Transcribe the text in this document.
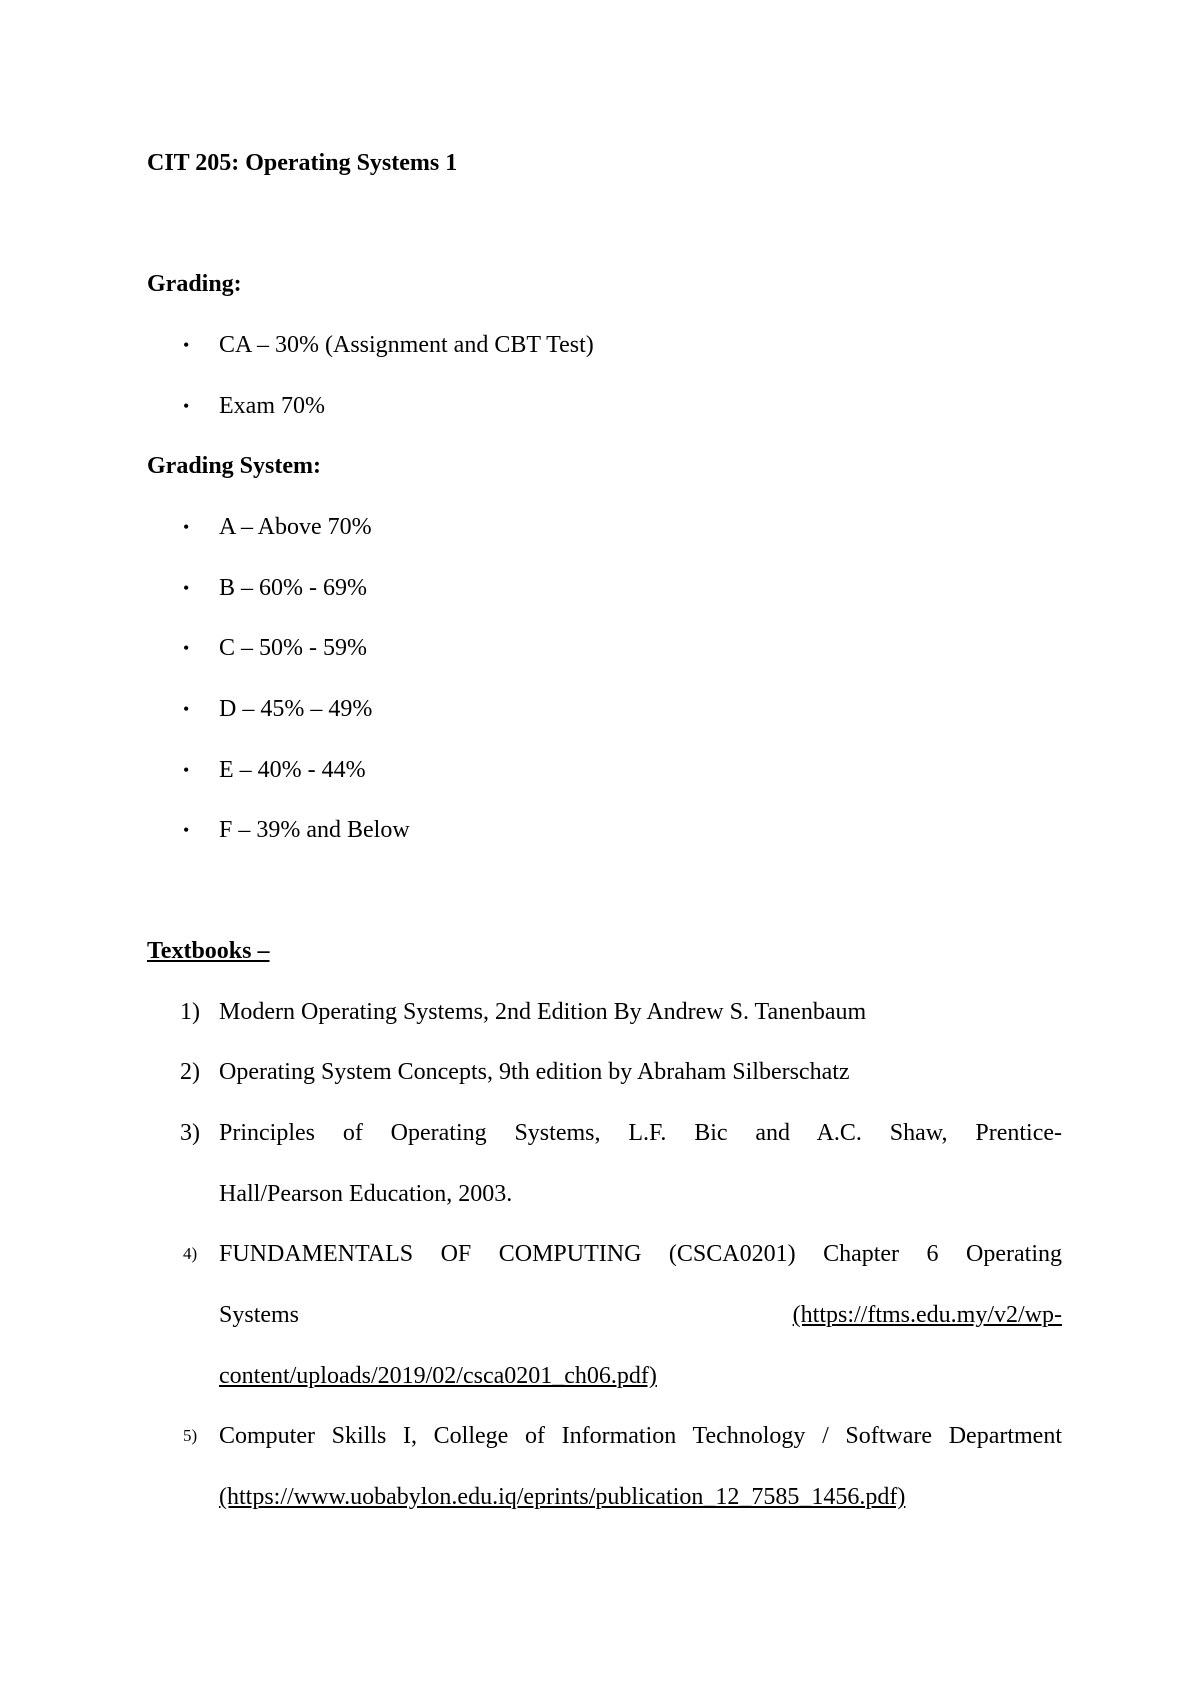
CIT 205: Operating Systems 1
Grading:
• CA – 30% (Assignment and CBT Test)
• Exam 70%
Grading System:
• A – Above 70%
• B – 60% - 69%
• C – 50% - 59%
• D – 45% – 49%
• E – 40% - 44%
• F – 39% and Below
Textbooks –
1) Modern Operating Systems, 2nd Edition By Andrew S. Tanenbaum
2) Operating System Concepts, 9th edition by Abraham Silberschatz
3) Principles of Operating Systems, L.F. Bic and A.C. Shaw, Prentice-
Hall/Pearson Education, 2003.
4) FUNDAMENTALS OF COMPUTING (CSCA0201) Chapter 6 Operating
Systems	(https://ftms.edu.my/v2/wp-
content/uploads/2019/02/csca0201_ch06.pdf)
5) Computer Skills I, College of Information Technology / Software Department
(https://www.uobabylon.edu.iq/eprints/publication_12_7585_1456.pdf)
